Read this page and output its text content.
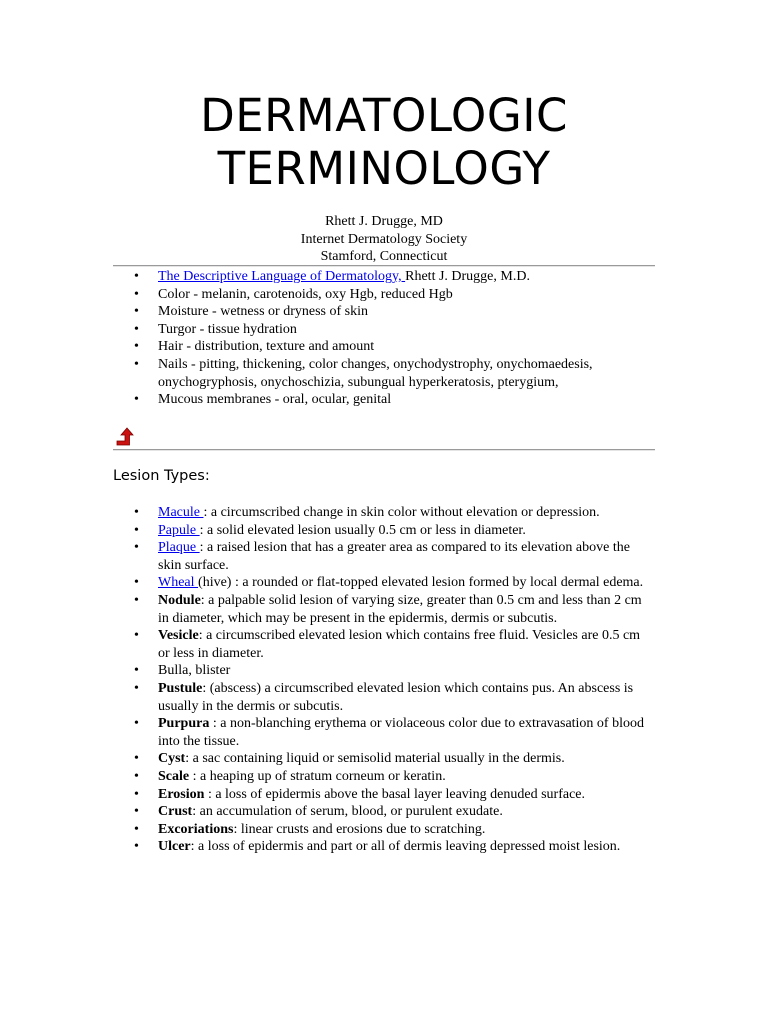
DERMATOLOGIC
TERMINOLOGY
Rhett J. Drugge, MD
Internet Dermatology Society
Stamford, Connecticut
• The Descriptive Language of Dermatology, Rhett J. Drugge, M.D.
• Color - melanin, carotenoids, oxy Hgb, reduced Hgb
• Moisture - wetness or dryness of skin
• Turgor - tissue hydration
• Hair - distribution, texture and amount
• Nails - pitting, thickening, color changes, onychodystrophy, onychomaedesis, onychogryphosis, onychoschizia, subungual hyperkeratosis, pterygium,
• Mucous membranes - oral, ocular, genital
Lesion Types:
• Macule : a circumscribed change in skin color without elevation or depression.
• Papule : a solid elevated lesion usually 0.5 cm or less in diameter.
• Plaque : a raised lesion that has a greater area as compared to its elevation above the skin surface.
• Wheal (hive) : a rounded or flat-topped elevated lesion formed by local dermal edema.
• Nodule: a palpable solid lesion of varying size, greater than 0.5 cm and less than 2 cm in diameter, which may be present in the epidermis, dermis or subcutis.
• Vesicle: a circumscribed elevated lesion which contains free fluid. Vesicles are 0.5 cm or less in diameter.
• Bulla, blister
• Pustule: (abscess) a circumscribed elevated lesion which contains pus. An abscess is usually in the dermis or subcutis.
• Purpura : a non-blanching erythema or violaceous color due to extravasation of blood into the tissue.
• Cyst: a sac containing liquid or semisolid material usually in the dermis.
• Scale : a heaping up of stratum corneum or keratin.
• Erosion : a loss of epidermis above the basal layer leaving denuded surface.
• Crust: an accumulation of serum, blood, or purulent exudate.
• Excoriations: linear crusts and erosions due to scratching.
• Ulcer: a loss of epidermis and part or all of dermis leaving depressed moist lesion.
